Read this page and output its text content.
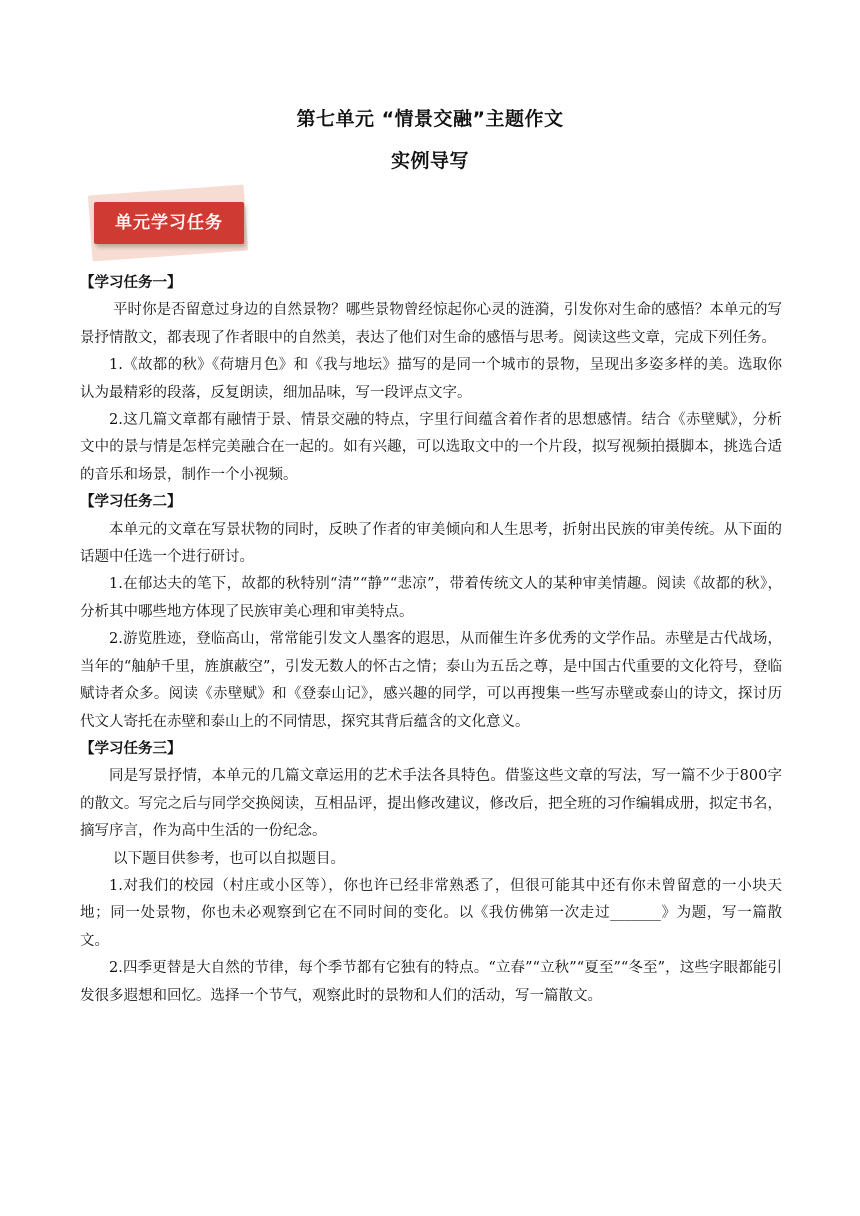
第七单元 “情景交融”主题作文
实例导写
单元学习任务

【学习任务一】

平时你是否留意过身边的自然景物？哪些景物曾经惊起你心灵的涟漪，引发你对生命的感悟？本单元的写景抒情散文，都表现了作者眼中的自然美，表达了他们对生命的感悟与思考。阅读这些文章，完成下列任务。

1.《故都的秋》《荷塘月色》和《我与地坛》描写的是同一个城市的景物，呈现出多姿多样的美。选取你认为最精彩的段落，反复朗读，细加品味，写一段评点文字。

2.这几篇文章都有融情于景、情景交融的特点，字里行间蕴含着作者的思想感情。结合《赤壁赋》，分析文中的景与情是怎样完美融合在一起的。如有兴趣，可以选取文中的一个片段，拟写视频拍摄脚本，挑选合适的音乐和场景，制作一个小视频。

【学习任务二】

本单元的文章在写景状物的同时，反映了作者的审美倾向和人生思考，折射出民族的审美传统。从下面的话题中任选一个进行研讨。

1.在郁达夫的笔下，故都的秋特别“清”“静”“悲凉”，带着传统文人的某种审美情趣。阅读《故都的秋》，分析其中哪些地方体现了民族审美心理和审美特点。

2.游览胜迹，登临高山，常常能引发文人墨客的遐思，从而催生许多优秀的文学作品。赤壁是古代战场，当年的“舳舻千里，旌旗蔽空”，引发无数人的怀古之情；泰山为五岳之尊，是中国古代重要的文化符号，登临赋诗者众多。阅读《赤壁赋》和《登泰山记》，感兴趣的同学，可以再搜集一些写赤壁或泰山的诗文，探讨历代文人寄托在赤壁和泰山上的不同情思，探究其背后蕴含的文化意义。

【学习任务三】

同是写景抒情，本单元的几篇文章运用的艺术手法各具特色。借鉴这些文章的写法，写一篇不少于800字的散文。写完之后与同学交换阅读，互相品评，提出修改建议，修改后，把全班的习作编辑成册，拟定书名，摘写序言，作为高中生活的一份纪念。

以下题目供参考，也可以自拟题目。

1.对我们的校园（村庄或小区等），你也许已经非常熟悉了，但很可能其中还有你未曾留意的一小块天地；同一处景物，你也未必观察到它在不同时间的变化。以《我仿佛第一次走过_______》为题，写一篇散文。

2.四季更替是大自然的节律，每个季节都有它独有的特点。“立春”“立秋”“夏至”“冬至”，这些字眼都能引发很多遐想和回忆。选择一个节气，观察此时的景物和人们的活动，写一篇散文。
